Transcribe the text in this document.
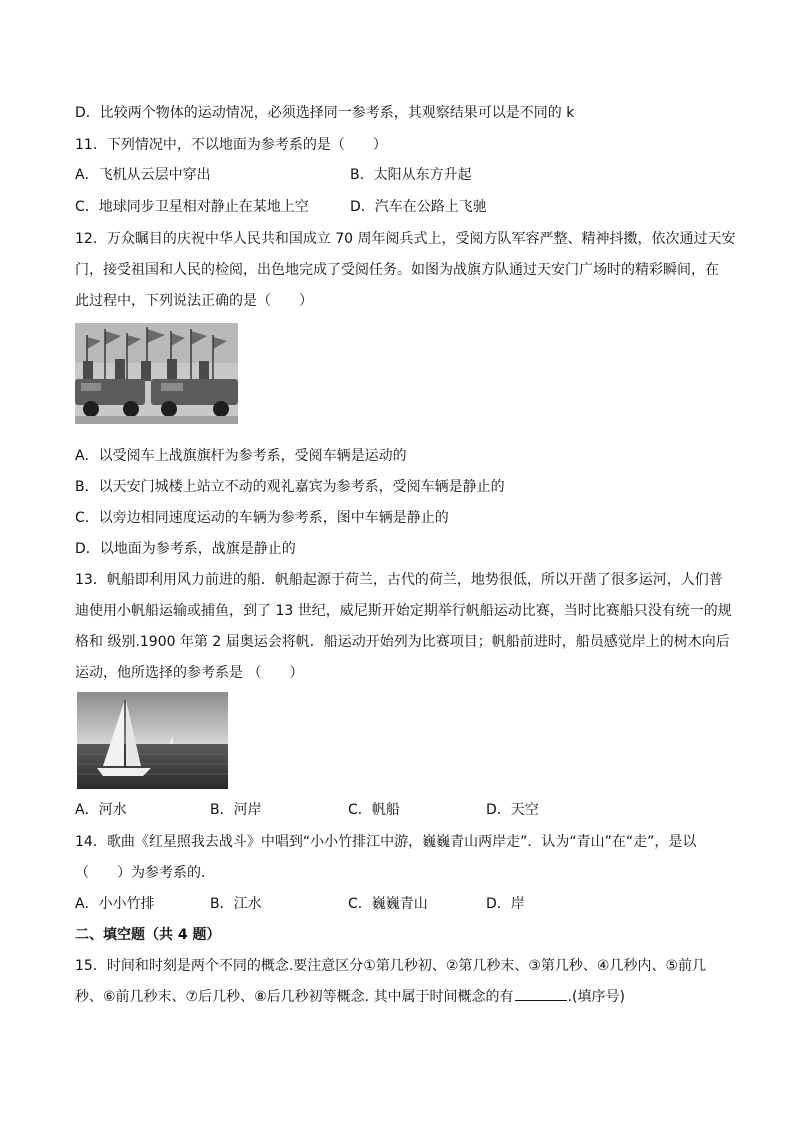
D．比较两个物体的运动情况，必须选择同一参考系，其观察结果可以是不同的 k
11．下列情况中，不以地面为参考系的是（　　）
A．飞机从云层中穿出	B．太阳从东方升起
C．地球同步卫星相对静止在某地上空	D．汽车在公路上飞驰
12．万众瞩目的庆祝中华人民共和国成立 70 周年阅兵式上，受阅方队军容严整、精神抖擞，依次通过天安
门，接受祖国和人民的检阅，出色地完成了受阅任务。如图为战旗方队通过天安门广场时的精彩瞬间，在
此过程中，下列说法正确的是（　　）
A．以受阅车上战旗旗杆为参考系，受阅车辆是运动的
B．以天安门城楼上站立不动的观礼嘉宾为参考系，受阅车辆是静止的
C．以旁边相同速度运动的车辆为参考系，图中车辆是静止的
D．以地面为参考系，战旗是静止的
13．帆船即利用风力前进的船．帆船起源于荷兰，古代的荷兰，地势很低，所以开凿了很多运河，人们普
迪使用小帆船运输或捕鱼，到了 13 世纪，威尼斯开始定期举行帆船运动比赛，当时比赛船只没有统一的规
格和 级别.1900 年第 2 届奥运会将帆．船运动开始列为比赛项目；帆船前进时，船员感觉岸上的树木向后
运动，他所选择的参考系是 （　　）
A．河水	B．河岸	C．帆船	D．天空
14．歌曲《红星照我去战斗》中唱到“小小竹排江中游，巍巍青山两岸走”．认为“青山”在“走”，是以
（　　）为参考系的．
A．小小竹排	B．江水	C．巍巍青山	D．岸
二、填空题（共 4 题）
15．时间和时刻是两个不同的概念.要注意区分①第几秒初、②第几秒末、③第几秒、④几秒内、⑤前几
秒、⑥前几秒末、⑦后几秒、⑧后几秒初等概念. 其中属于时间概念的有	.(填序号)
